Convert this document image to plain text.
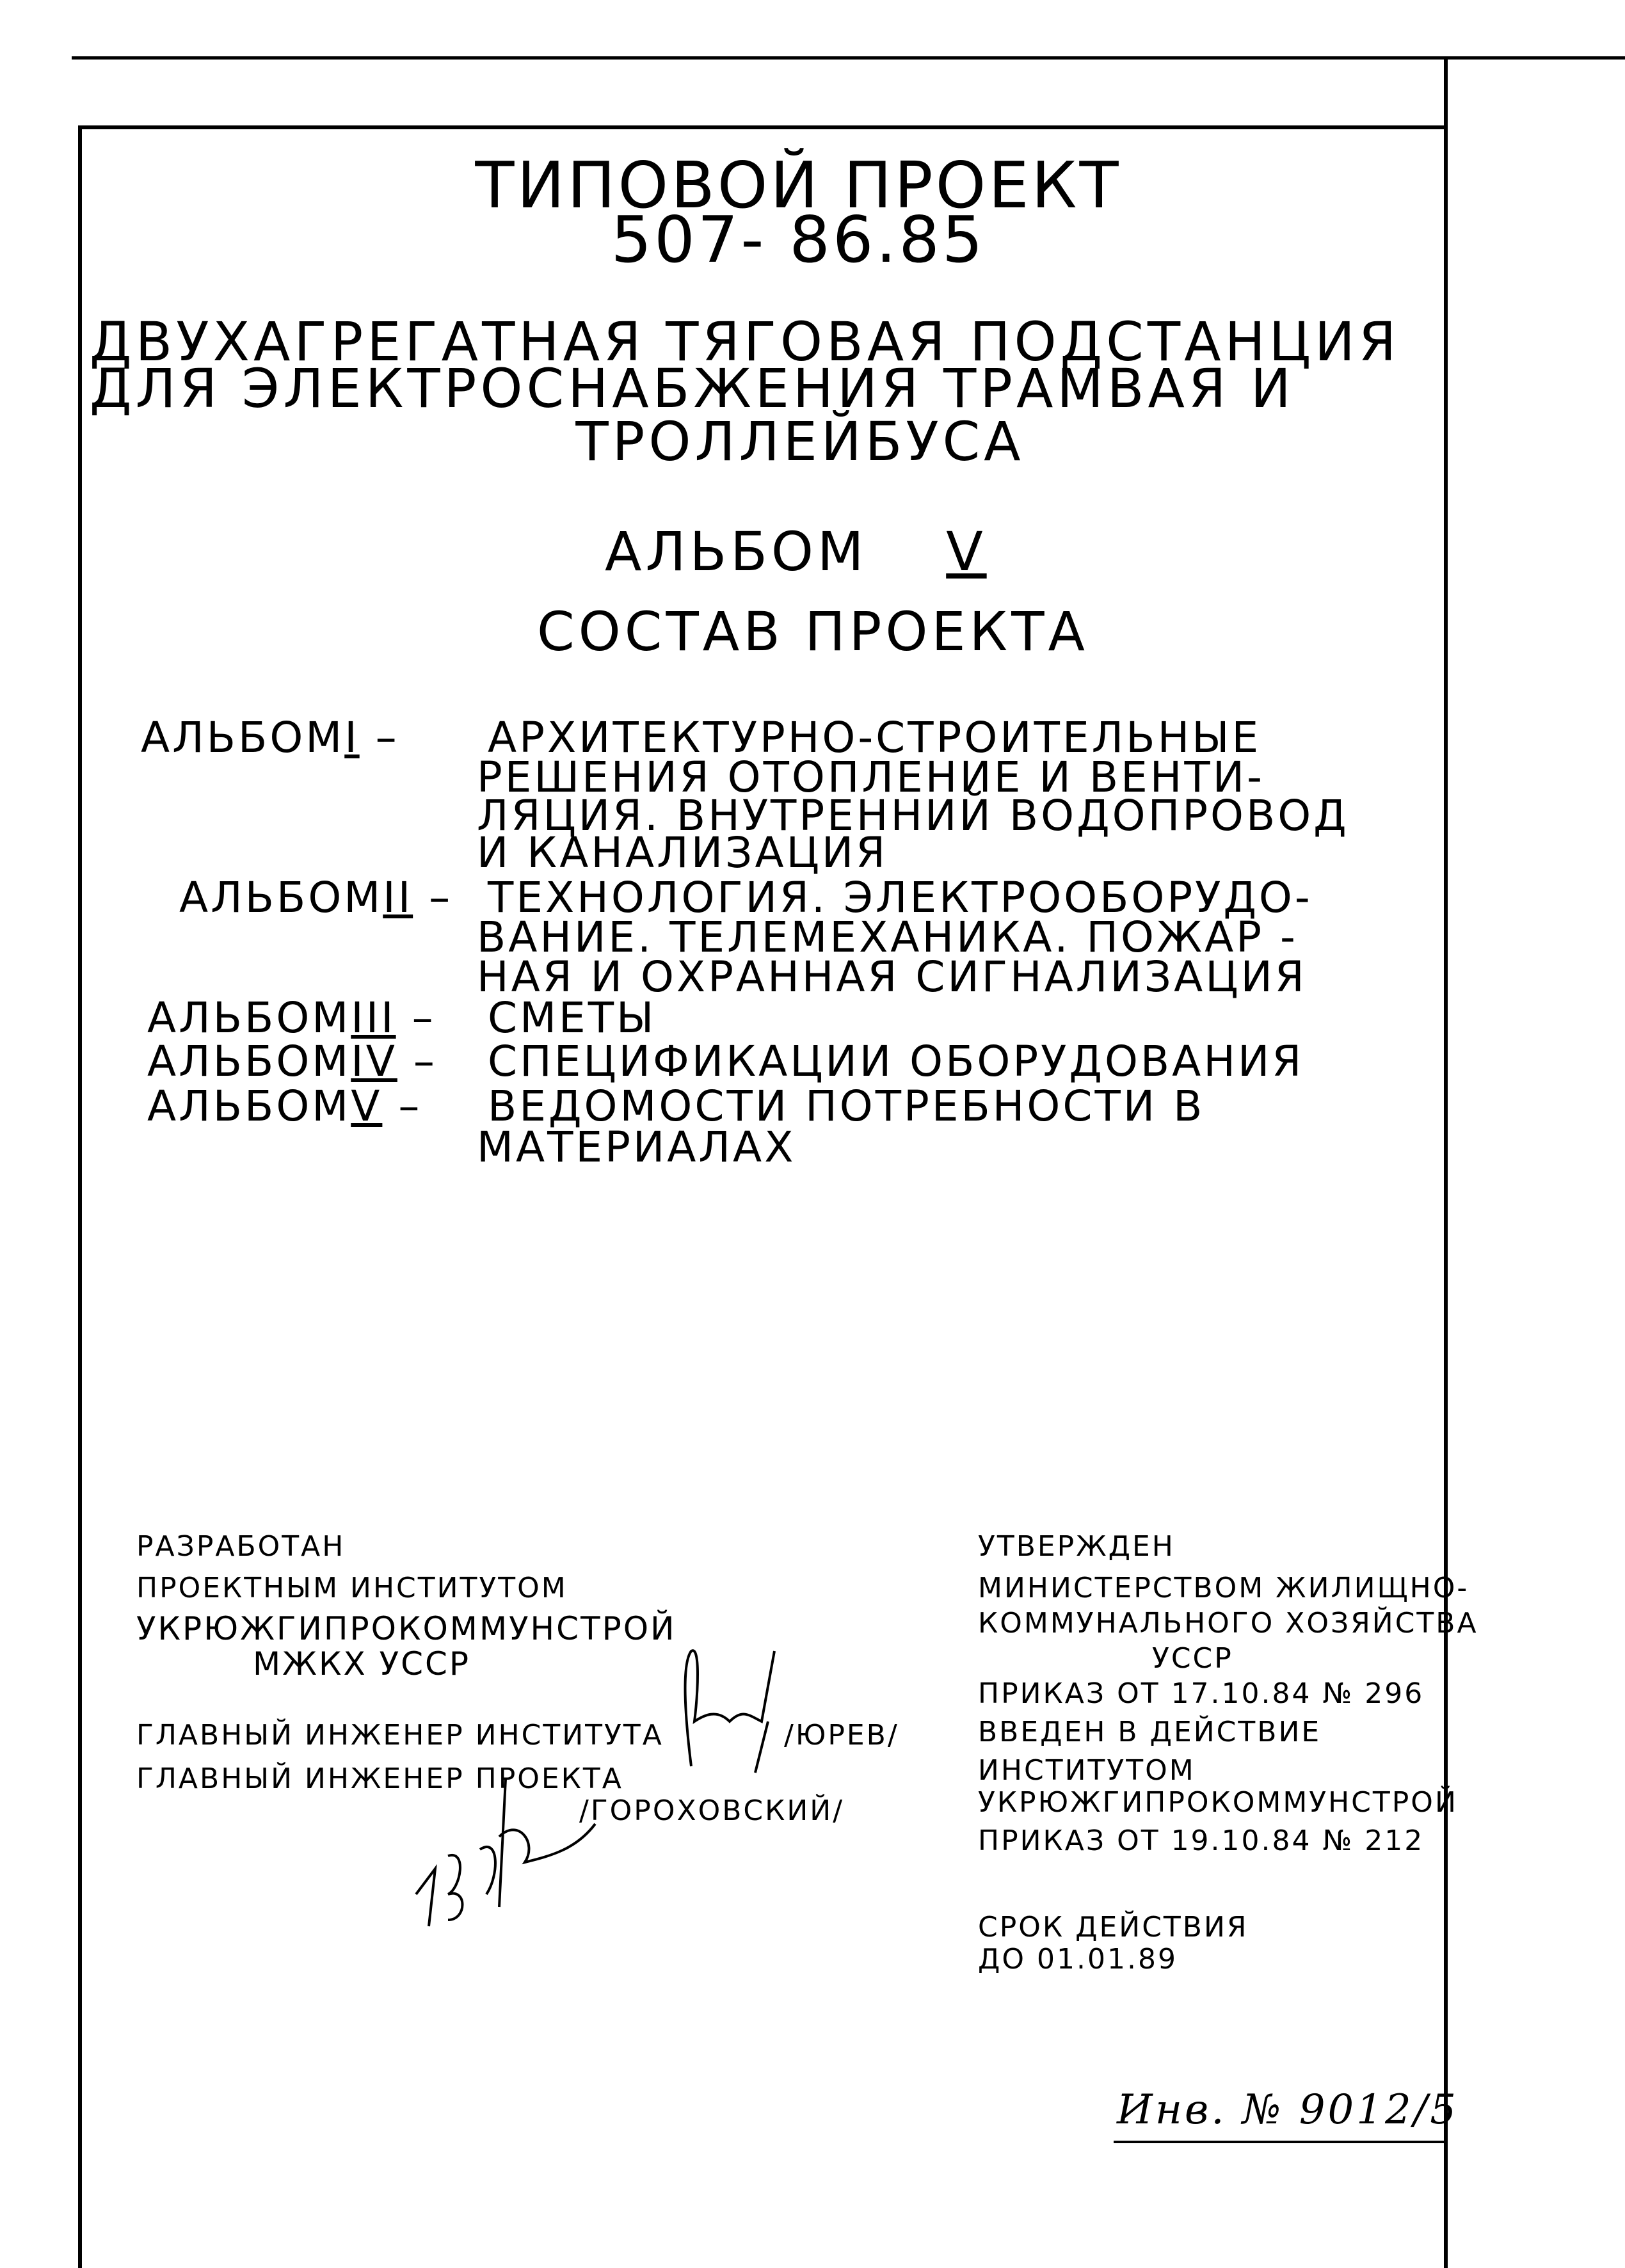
ТИПОВОЙ ПРОЕКТ
507- 86.85
ДВУХАГРЕГАТНАЯ ТЯГОВАЯ ПОДСТАНЦИЯ
ДЛЯ ЭЛЕКТРОСНАБЖЕНИЯ ТРАМВАЯ И
ТРОЛЛЕЙБУСА
АЛЬБОМ V
СОСТАВ ПРОЕКТА
АЛЬБОМI – АРХИТЕКТУРНО-СТРОИТЕЛЬНЫЕ
РЕШЕНИЯ ОТОПЛЕНИЕ И ВЕНТИ-
ЛЯЦИЯ. ВНУТРЕННИЙ ВОДОПРОВОД
И КАНАЛИЗАЦИЯ
АЛЬБОМII – ТЕХНОЛОГИЯ. ЭЛЕКТРООБОРУДО-
ВАНИЕ. ТЕЛЕМЕХАНИКА. ПОЖАР -
НАЯ И ОХРАННАЯ СИГНАЛИЗАЦИЯ
АЛЬБОМIII – СМЕТЫ
АЛЬБОМIV – СПЕЦИФИКАЦИИ ОБОРУДОВАНИЯ
АЛЬБОМV – ВЕДОМОСТИ ПОТРЕБНОСТИ В
МАТЕРИАЛАХ
РАЗРАБОТАН
ПРОЕКТНЫМ ИНСТИТУТОМ
УКРЮЖГИПРОКОММУНСТРОЙ
МЖКХ УССР
ГЛАВНЫЙ ИНЖЕНЕР ИНСТИТУТА	/ЮРЕВ/
ГЛАВНЫЙ ИНЖЕНЕР ПРОЕКТА
/ГОРОХОВСКИЙ/
УТВЕРЖДЕН
МИНИСТЕРСТВОМ ЖИЛИЩНО-
КОММУНАЛЬНОГО ХОЗЯЙСТВА
УССР
ПРИКАЗ ОТ 17.10.84 № 296
ВВЕДЕН В ДЕЙСТВИЕ
ИНСТИТУТОМ
УКРЮЖГИПРОКОММУНСТРОЙ
ПРИКАЗ ОТ 19.10.84 № 212
СРОК ДЕЙСТВИЯ
ДО 01.01.89
Инв. № 9012/5
